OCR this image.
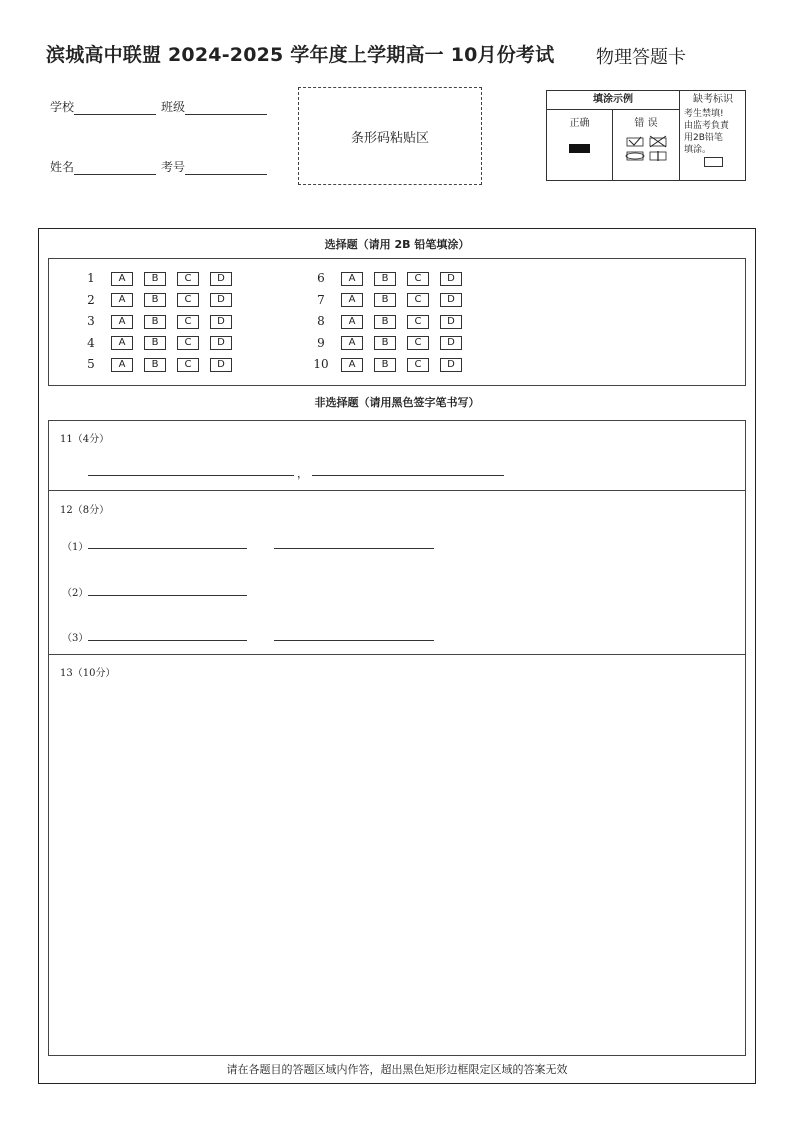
滨城高中联盟 2024-2025 学年度上学期高一 10月份考试 物理答题卡
学校	班级
姓名	考号
条形码粘贴区
填涂示例
正确	错 误
缺考标识
考生禁填!
由监考負責
用2B铅笔
填涂。
选择题（请用 2B 铅笔填涂）
1 A	B	C	D
2 A	B	C	D
3 A	B	C	D
4 A	B	C	D
5 A	B	C	D
6 A	B	C	D
7 A	B	C	D
8 A	B	C	D
9 A	B	C	D
10 A	B	C	D
非选择题（请用黑色签字笔书写）
11（4分）
，
12（8分）
（1）
（2）
（3）
13（10分）
请在各题目的答题区域内作答，超出黑色矩形边框限定区域的答案无效
